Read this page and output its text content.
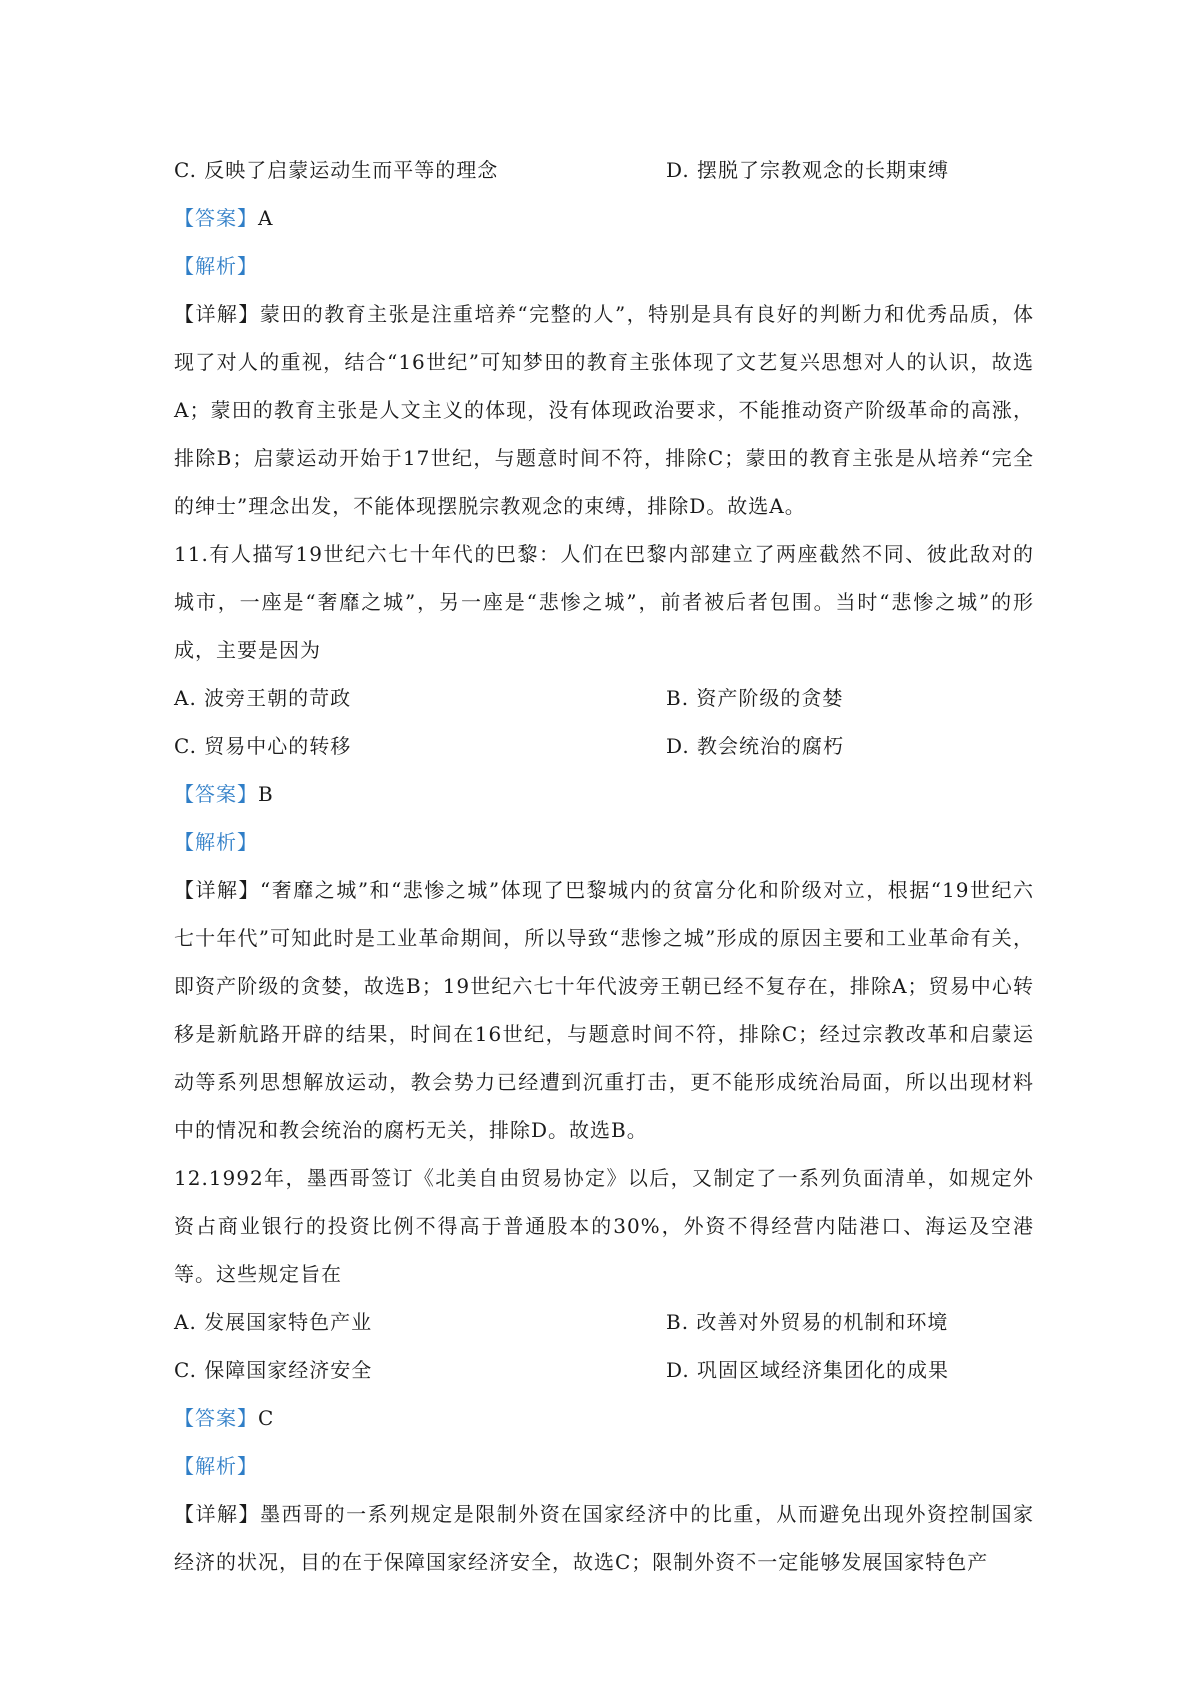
C. 反映了启蒙运动生而平等的理念	D. 摆脱了宗教观念的长期束缚
【答案】A
【解析】
【详解】蒙田的教育主张是注重培养“完整的人”，特别是具有良好的判断力和优秀品质，体现了对人的重视，结合“16世纪”可知梦田的教育主张体现了文艺复兴思想对人的认识，故选A；蒙田的教育主张是人文主义的体现，没有体现政治要求，不能推动资产阶级革命的高涨，排除B；启蒙运动开始于17世纪，与题意时间不符，排除C；蒙田的教育主张是从培养“完全的绅士”理念出发，不能体现摆脱宗教观念的束缚，排除D。故选A。
11.有人描写19世纪六七十年代的巴黎：人们在巴黎内部建立了两座截然不同、彼此敌对的城市，一座是“奢靡之城”，另一座是“悲惨之城”，前者被后者包围。当时“悲惨之城”的形成，主要是因为
A. 波旁王朝的苛政	B. 资产阶级的贪婪
C. 贸易中心的转移	D. 教会统治的腐朽
【答案】B
【解析】
【详解】“奢靡之城”和“悲惨之城”体现了巴黎城内的贫富分化和阶级对立，根据“19世纪六七十年代”可知此时是工业革命期间，所以导致“悲惨之城”形成的原因主要和工业革命有关，即资产阶级的贪婪，故选B；19世纪六七十年代波旁王朝已经不复存在，排除A；贸易中心转移是新航路开辟的结果，时间在16世纪，与题意时间不符，排除C；经过宗教改革和启蒙运动等系列思想解放运动，教会势力已经遭到沉重打击，更不能形成统治局面，所以出现材料中的情况和教会统治的腐朽无关，排除D。故选B。
12.1992年，墨西哥签订《北美自由贸易协定》以后，又制定了一系列负面清单，如规定外资占商业银行的投资比例不得高于普通股本的30%，外资不得经营内陆港口、海运及空港等。这些规定旨在
A. 发展国家特色产业	B. 改善对外贸易的机制和环境
C. 保障国家经济安全	D. 巩固区域经济集团化的成果
【答案】C
【解析】
【详解】墨西哥的一系列规定是限制外资在国家经济中的比重，从而避免出现外资控制国家经济的状况，目的在于保障国家经济安全，故选C；限制外资不一定能够发展国家特色产
